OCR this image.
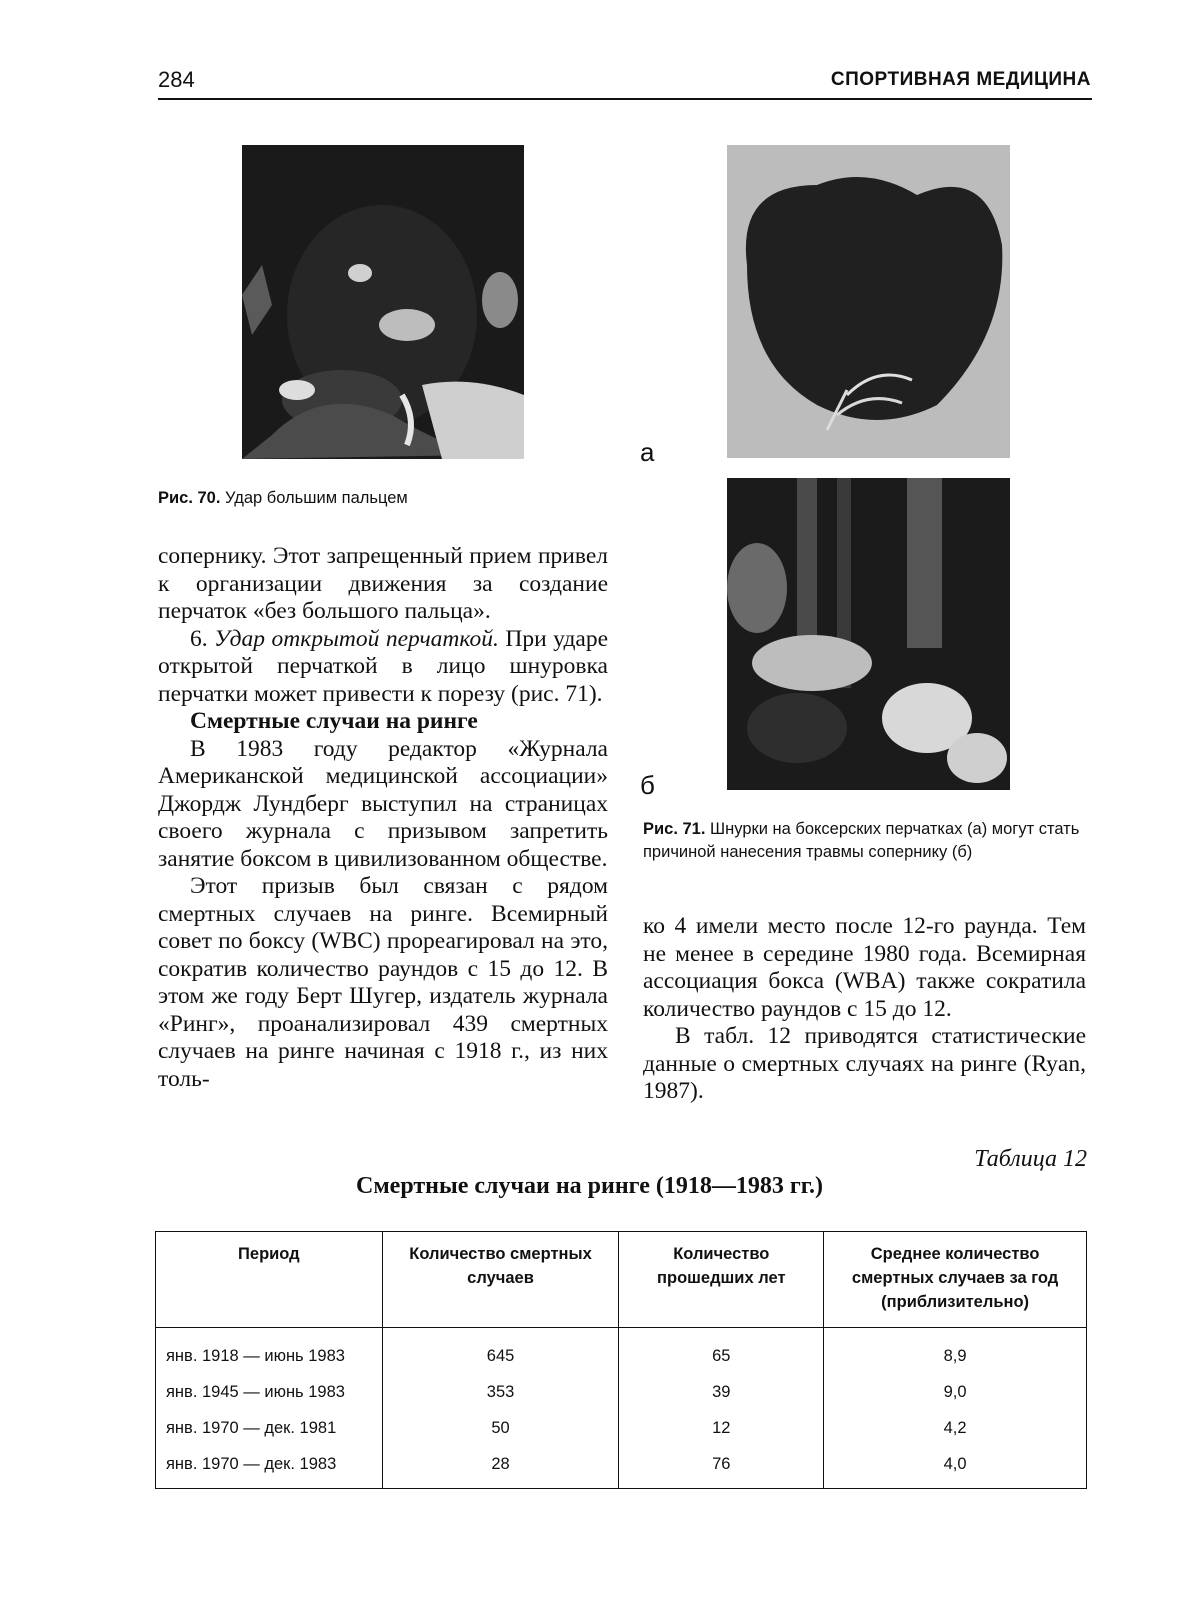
284	СПОРТИВНАЯ МЕДИЦИНА
Рис. 70. Удар большим пальцем
а
б
Рис. 71. Шнурки на боксерских перчатках (а) могут стать причиной нанесения травмы сопернику (б)

сопернику. Этот запрещенный прием привел к организации движения за создание перчаток «без большого пальца».

6. Удар открытой перчаткой. При ударе открытой перчаткой в лицо шнуровка перчатки может привести к порезу (рис. 71).

Смертные случаи на ринге

В 1983 году редактор «Журнала Американской медицинской ассоциации» Джордж Лундберг выступил на страницах своего журнала с призывом запретить занятие боксом в цивилизованном обществе.

Этот призыв был связан с рядом смертных случаев на ринге. Всемирный совет по боксу (WBC) прореагировал на это, сократив количество раундов с 15 до 12. В этом же году Берт Шугер, издатель журнала «Ринг», проанализировал 439 смертных случаев на ринге начиная с 1918 г., из них толь-

ко 4 имели место после 12-го раунда. Тем не менее в середине 1980 года. Всемирная ассоциация бокса (WBA) также сократила количество раундов с 15 до 12.

В табл. 12 приводятся статистические данные о смертных случаях на ринге (Ryan, 1987).

Таблица 12
Смертные случаи на ринге (1918—1983 гг.)
Период	Количество смертных случаев	Количество прошедших лет	Среднее количество смертных случаев за год (приблизительно)
янв. 1918 — июнь 1983	645	65	8,9
янв. 1945 — июнь 1983	353	39	9,0
янв. 1970 — дек. 1981	50	12	4,2
янв. 1970 — дек. 1983	28	76	4,0
